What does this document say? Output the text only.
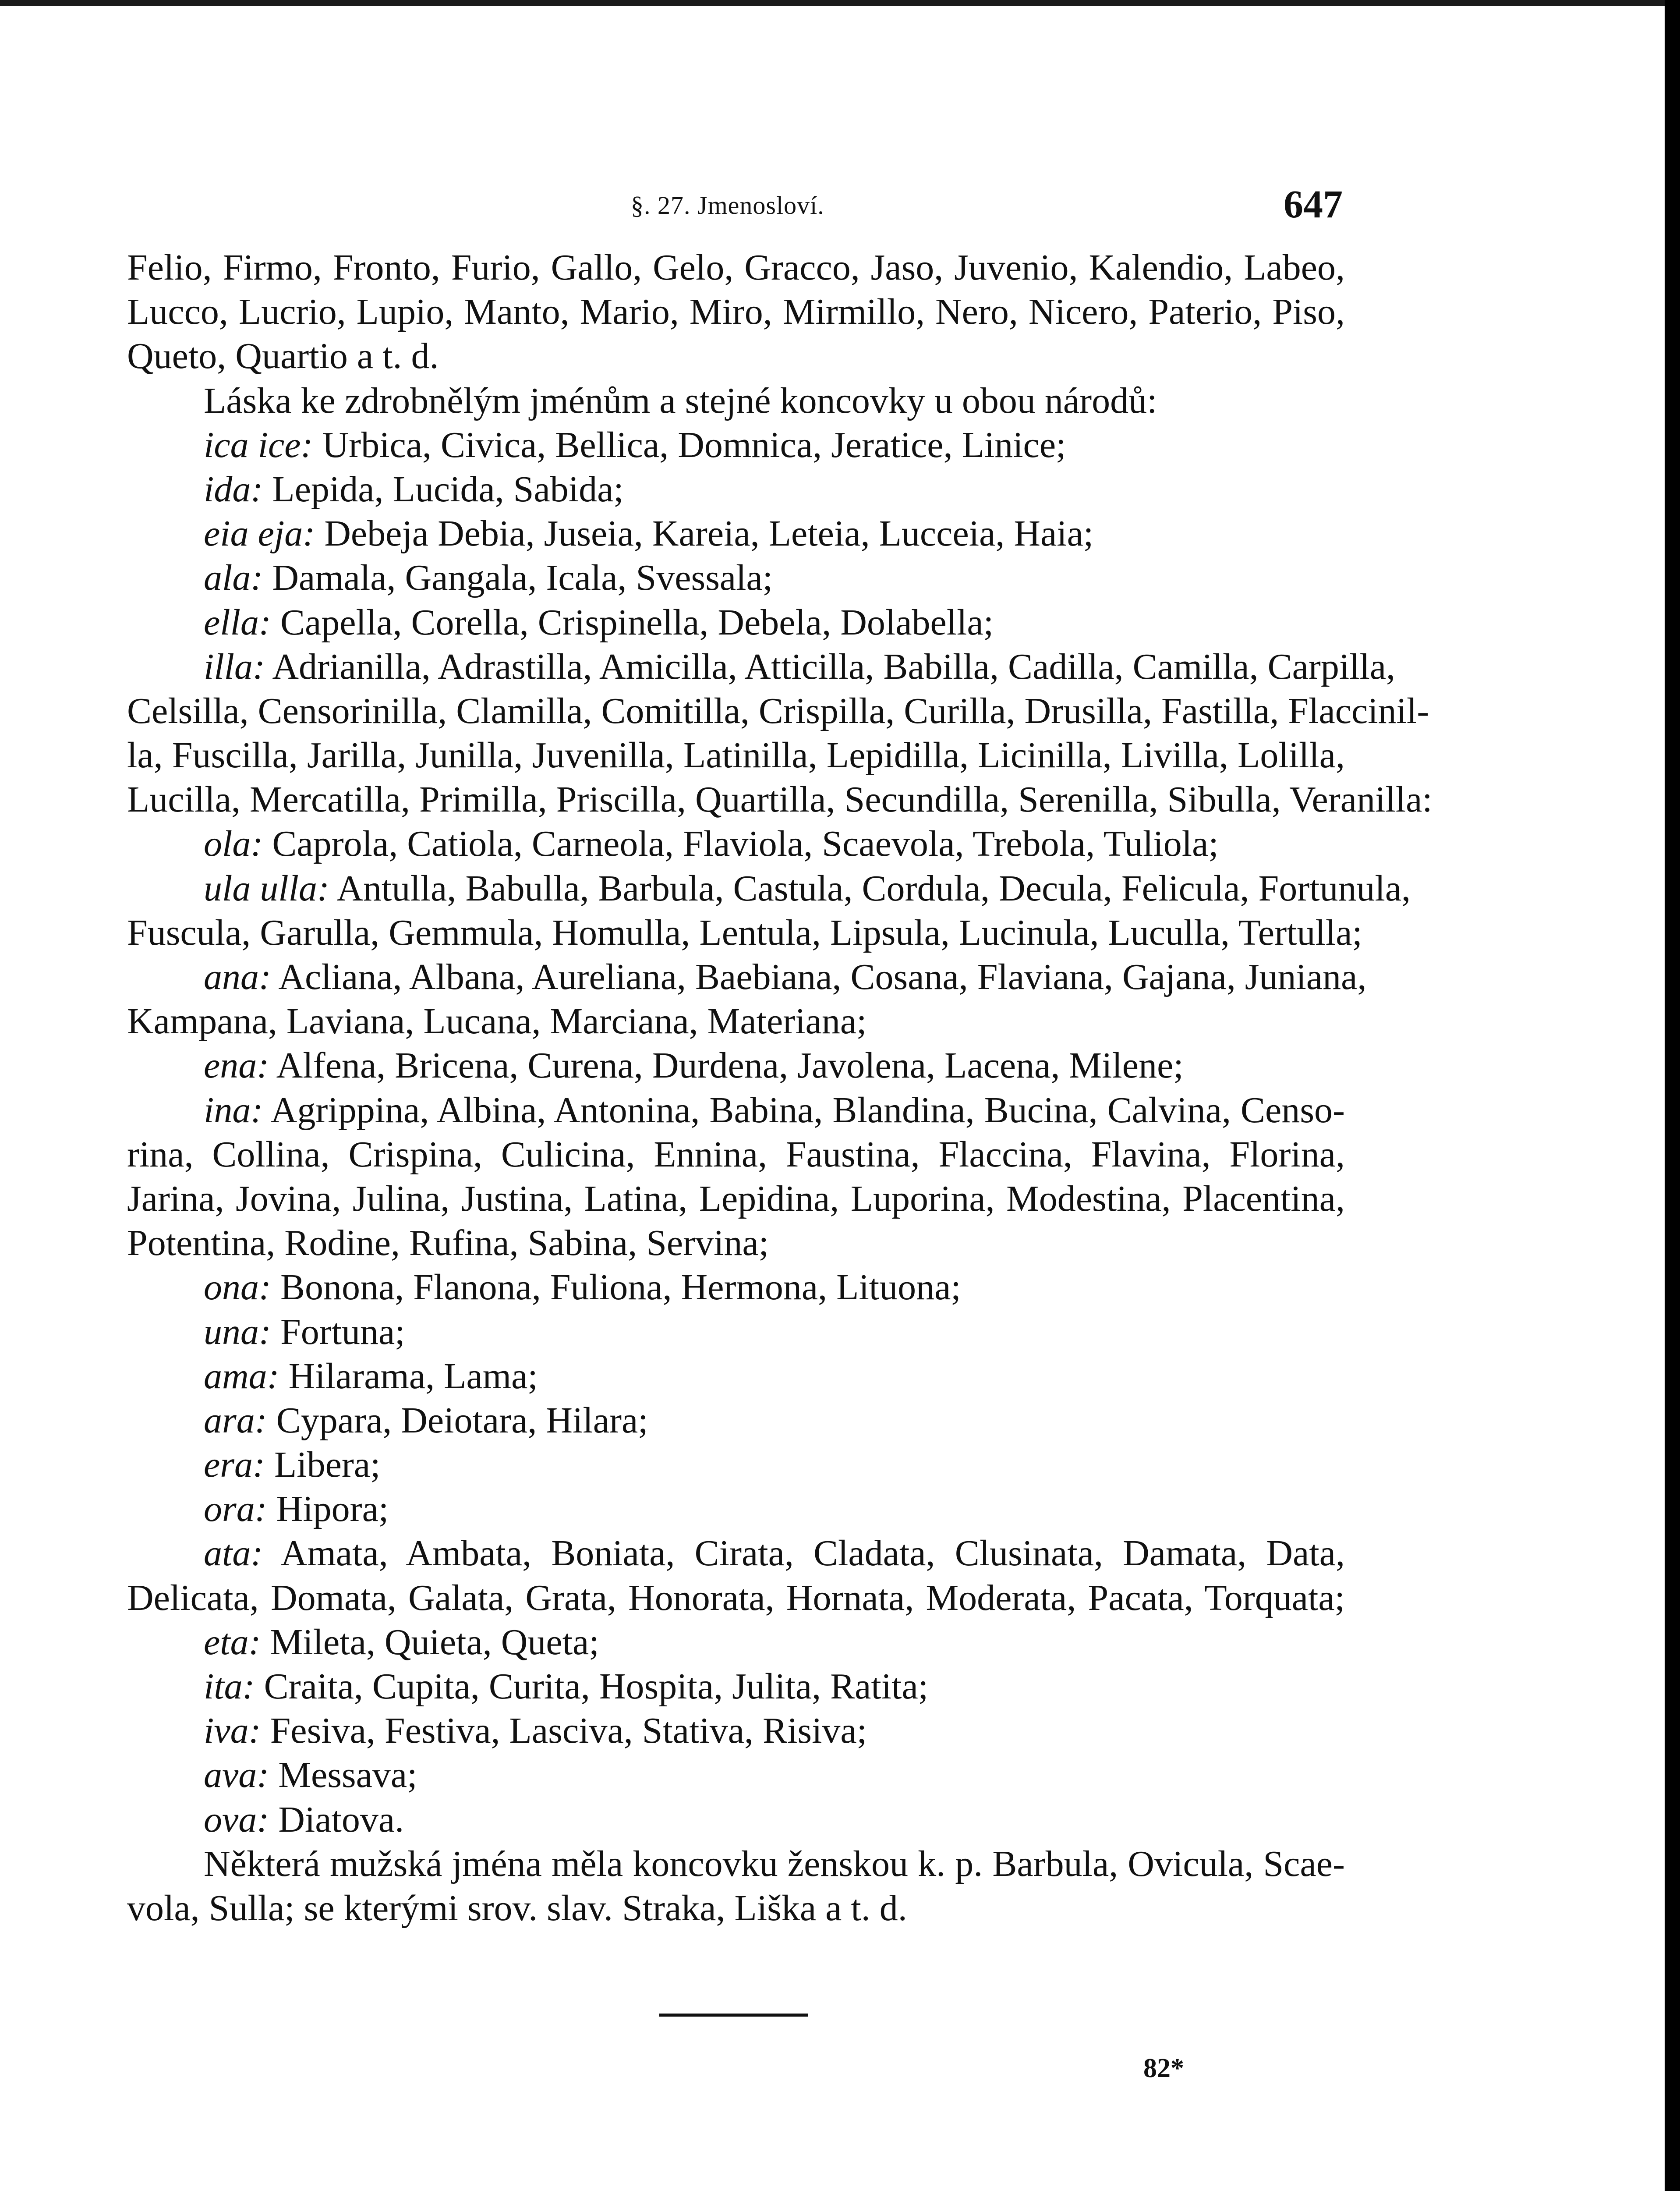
§. 27. Jmenosloví.	647
Felio, Firmo, Fronto, Furio, Gallo, Gelo, Gracco, Jaso, Juvenio, Kalendio, Labeo,
Lucco, Lucrio, Lupio, Manto, Mario, Miro, Mirmillo, Nero, Nicero, Paterio, Piso,
Queto, Quartio a t. d.
Láska ke zdrobnělým jménům a stejné koncovky u obou národů:
ica ice: Urbica, Civica, Bellica, Domnica, Jeratice, Linice;
ida: Lepida, Lucida, Sabida;
eia eja: Debeja Debia, Juseia, Kareia, Leteia, Lucceia, Haia;
ala: Damala, Gangala, Icala, Svessala;
ella: Capella, Corella, Crispinella, Debela, Dolabella;
illa: Adrianilla, Adrastilla, Amicilla, Atticilla, Babilla, Cadilla, Camilla, Carpilla,
Celsilla, Censorinilla, Clamilla, Comitilla, Crispilla, Curilla, Drusilla, Fastilla, Flaccinil-
la, Fuscilla, Jarilla, Junilla, Juvenilla, Latinilla, Lepidilla, Licinilla, Livilla, Lolilla,
Lucilla, Mercatilla, Primilla, Priscilla, Quartilla, Secundilla, Serenilla, Sibulla, Veranilla:
ola: Caprola, Catiola, Carneola, Flaviola, Scaevola, Trebola, Tuliola;
ula ulla: Antulla, Babulla, Barbula, Castula, Cordula, Decula, Felicula, Fortunula,
Fuscula, Garulla, Gemmula, Homulla, Lentula, Lipsula, Lucinula, Luculla, Tertulla;
ana: Acliana, Albana, Aureliana, Baebiana, Cosana, Flaviana, Gajana, Juniana,
Kampana, Laviana, Lucana, Marciana, Materiana;
ena: Alfena, Bricena, Curena, Durdena, Javolena, Lacena, Milene;
ina: Agrippina, Albina, Antonina, Babina, Blandina, Bucina, Calvina, Censo-
rina, Collina, Crispina, Culicina, Ennina, Faustina, Flaccina, Flavina, Florina,
Jarina, Jovina, Julina, Justina, Latina, Lepidina, Luporina, Modestina, Placentina,
Potentina, Rodine, Rufina, Sabina, Servina;
ona: Bonona, Flanona, Fuliona, Hermona, Lituona;
una: Fortuna;
ama: Hilarama, Lama;
ara: Cypara, Deiotara, Hilara;
era: Libera;
ora: Hipora;
ata: Amata, Ambata, Boniata, Cirata, Cladata, Clusinata, Damata, Data,
Delicata, Domata, Galata, Grata, Honorata, Hornata, Moderata, Pacata, Torquata;
eta: Mileta, Quieta, Queta;
ita: Craita, Cupita, Curita, Hospita, Julita, Ratita;
iva: Fesiva, Festiva, Lasciva, Stativa, Risiva;
ava: Messava;
ova: Diatova.
Některá mužská jména měla koncovku ženskou k. p. Barbula, Ovicula, Scae-
vola, Sulla; se kterými srov. slav. Straka, Liška a t. d.
82*
